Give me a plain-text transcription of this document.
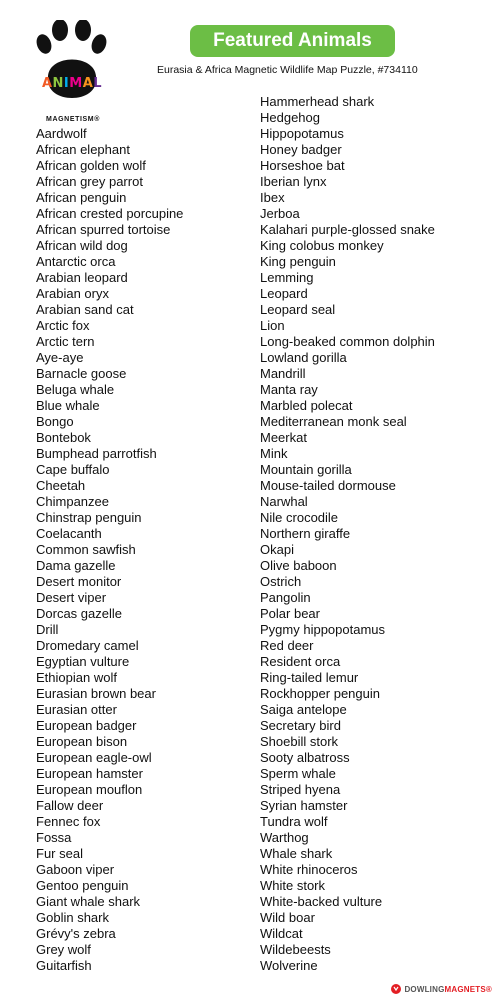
A N I M A L
MAGNETISM®
Featured Animals
Eurasia & Africa Magnetic Wildlife Map Puzzle, #734110
Aardwolf
African elephant
African golden wolf
African grey parrot
African penguin
African crested porcupine
African spurred tortoise
African wild dog
Antarctic orca
Arabian leopard
Arabian oryx
Arabian sand cat
Arctic fox
Arctic tern
Aye-aye
Barnacle goose
Beluga whale
Blue whale
Bongo
Bontebok
Bumphead parrotfish
Cape buffalo
Cheetah
Chimpanzee
Chinstrap penguin
Coelacanth
Common sawfish
Dama gazelle
Desert monitor
Desert viper
Dorcas gazelle
Drill
Dromedary camel
Egyptian vulture
Ethiopian wolf
Eurasian brown bear
Eurasian otter
European badger
European bison
European eagle-owl
European hamster
European mouflon
Fallow deer
Fennec fox
Fossa
Fur seal
Gaboon viper
Gentoo penguin
Giant whale shark
Goblin shark
Grévy's zebra
Grey wolf
Guitarfish
Hammerhead shark
Hedgehog
Hippopotamus
Honey badger
Horseshoe bat
Iberian lynx
Ibex
Jerboa
Kalahari purple-glossed snake
King colobus monkey
King penguin
Lemming
Leopard
Leopard seal
Lion
Long-beaked common dolphin
Lowland gorilla
Mandrill
Manta ray
Marbled polecat
Mediterranean monk seal
Meerkat
Mink
Mountain gorilla
Mouse-tailed dormouse
Narwhal
Nile crocodile
Northern giraffe
Okapi
Olive baboon
Ostrich
Pangolin
Polar bear
Pygmy hippopotamus
Red deer
Resident orca
Ring-tailed lemur
Rockhopper penguin
Saiga antelope
Secretary bird
Shoebill stork
Sooty albatross
Sperm whale
Striped hyena
Syrian hamster
Tundra wolf
Warthog
Whale shark
White rhinoceros
White stork
White-backed vulture
Wild boar
Wildcat
Wildebeests
Wolverine
DOWLING MAGNETS®
